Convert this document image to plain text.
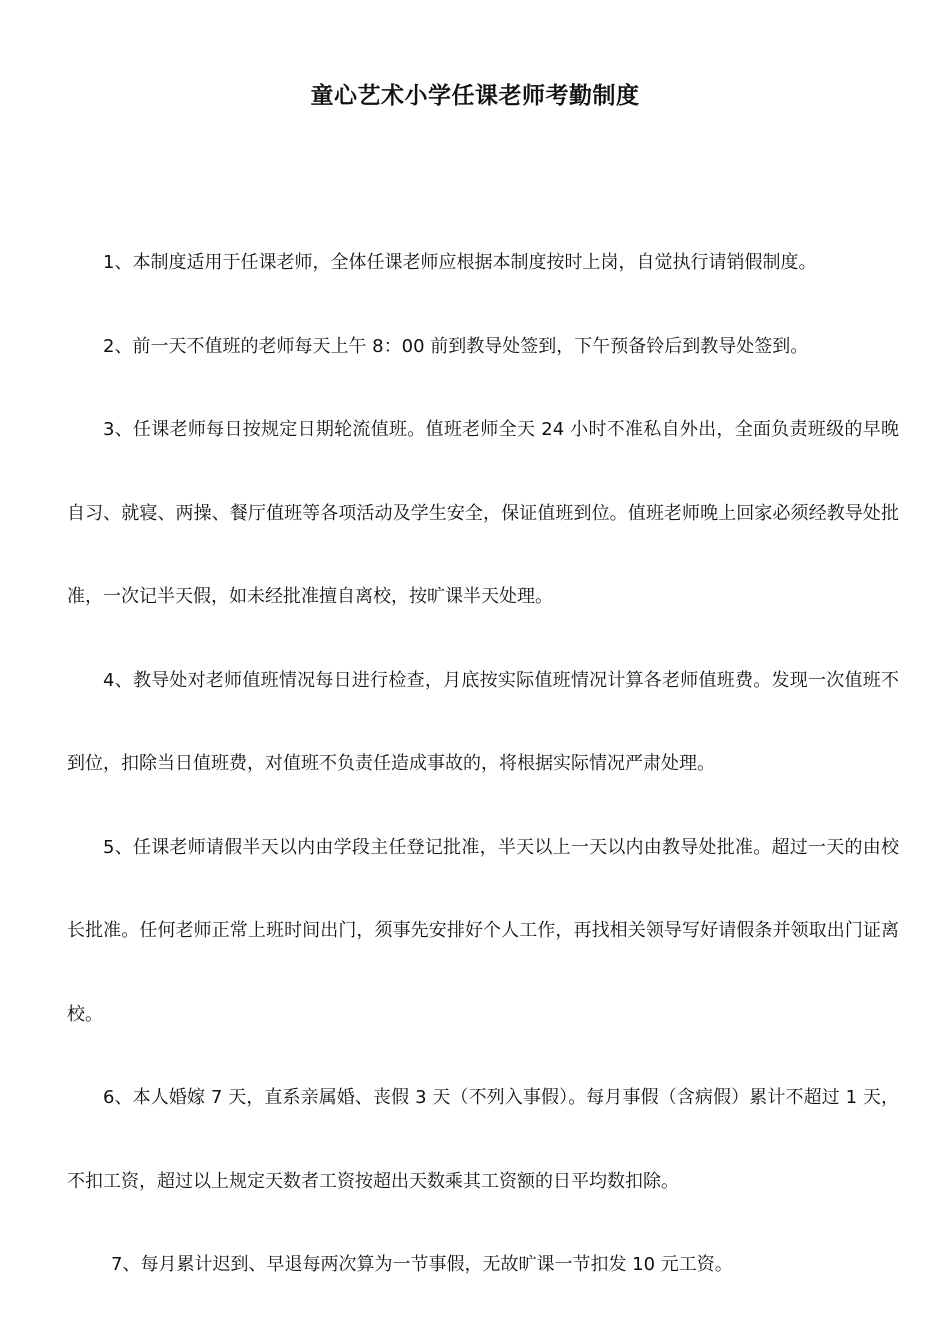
童心艺术小学任课老师考勤制度

1、本制度适用于任课老师，全体任课老师应根据本制度按时上岗，自觉执行请销假制度。

2、前一天不值班的老师每天上午 8：00 前到教导处签到，下午预备铃后到教导处签到。

3、任课老师每日按规定日期轮流值班。值班老师全天 24 小时不准私自外出，全面负责班级的早晚自习、就寝、两操、餐厅值班等各项活动及学生安全，保证值班到位。值班老师晚上回家必须经教导处批准，一次记半天假，如未经批准擅自离校，按旷课半天处理。

4、教导处对老师值班情况每日进行检查，月底按实际值班情况计算各老师值班费。发现一次值班不到位，扣除当日值班费，对值班不负责任造成事故的，将根据实际情况严肃处理。

5、任课老师请假半天以内由学段主任登记批准，半天以上一天以内由教导处批准。超过一天的由校长批准。任何老师正常上班时间出门，须事先安排好个人工作，再找相关领导写好请假条并领取出门证离校。

6、本人婚嫁 7 天，直系亲属婚、丧假 3 天（不列入事假）。每月事假（含病假）累计不超过 1 天，不扣工资，超过以上规定天数者工资按超出天数乘其工资额的日平均数扣除。

7、每月累计迟到、早退每两次算为一节事假，无故旷课一节扣发 10 元工资。
